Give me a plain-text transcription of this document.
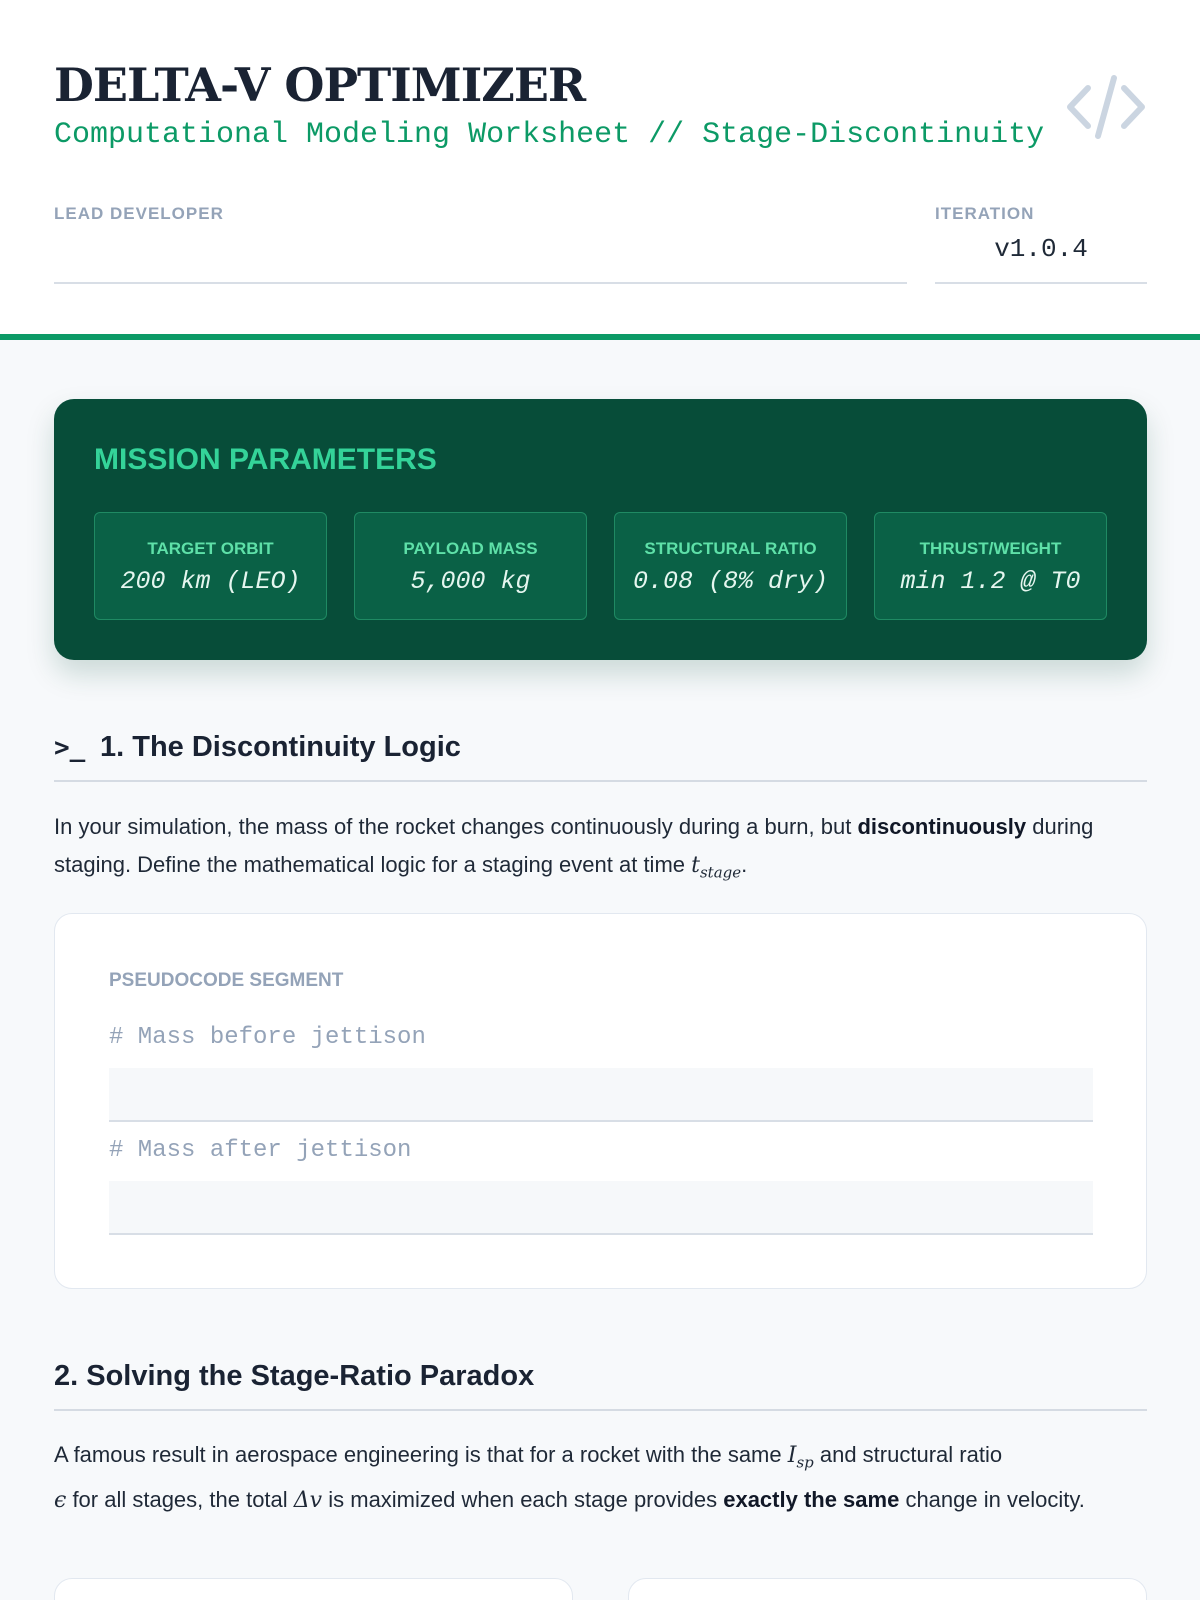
DELTA-V OPTIMIZER
Computational Modeling Worksheet // Stage-Discontinuity
LEAD DEVELOPER	ITERATION
v1.0.4
MISSION PARAMETERS
TARGET ORBIT
200 km (LEO)
PAYLOAD MASS
5,000 kg
STRUCTURAL RATIO
0.08 (8% dry)
THRUST/WEIGHT
min 1.2 @ T0
>_ 1. The Discontinuity Logic
In your simulation, the mass of the rocket changes continuously during a burn, but discontinuously during staging. Define the mathematical logic for a staging event at time $t_{stage}$.
PSEUDOCODE SEGMENT
# Mass before jettison
# Mass after jettison
2. Solving the Stage-Ratio Paradox
A famous result in aerospace engineering is that for a rocket with the same $I_{sp}$ and structural ratio
ϵ for all stages, the total Δv is maximized when each stage provides exactly the same change in velocity.
